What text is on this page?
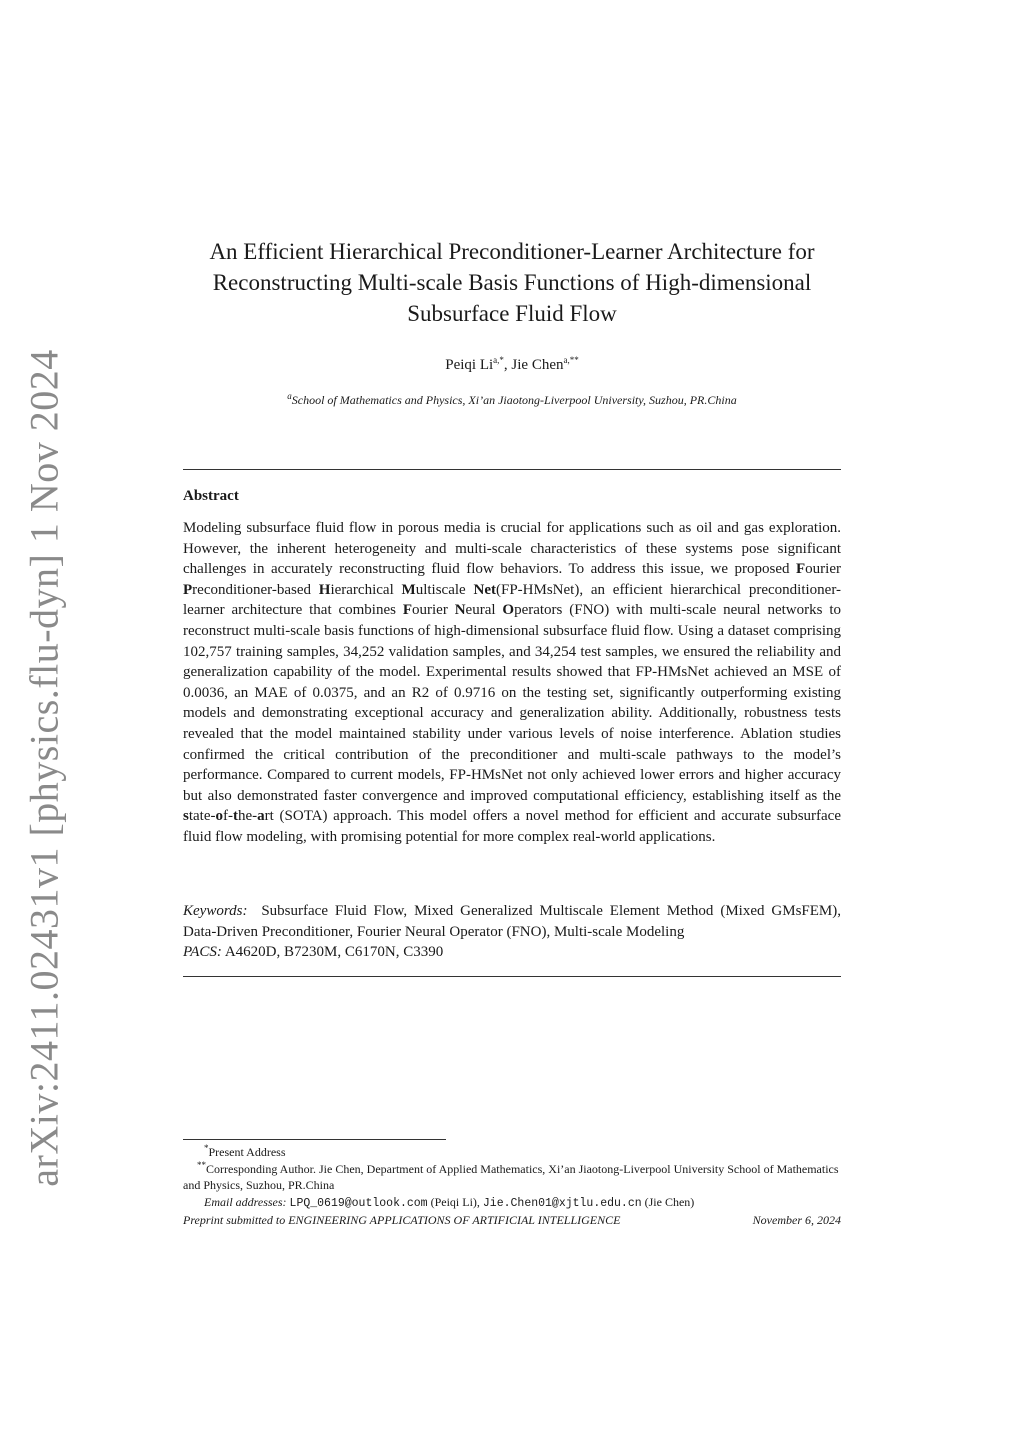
arXiv:2411.02431v1 [physics.flu-dyn] 1 Nov 2024
An Efficient Hierarchical Preconditioner-Learner Architecture for
Reconstructing Multi-scale Basis Functions of High-dimensional
Subsurface Fluid Flow
Peiqi $Li^{a,*}$, Jie Chen$^{a,**}$
$^a$School of Mathematics and Physics, Xi’an Jiaotong-Liverpool University, Suzhou, PR.China
Abstract
Modeling subsurface fluid flow in porous media is crucial for applications such as oil and gas exploration. However, the inherent heterogeneity and multi-scale characteristics of these systems pose significant challenges in accurately reconstructing fluid flow behaviors. To address this issue, we proposed Fourier Preconditioner-based Hierarchical Multiscale Net(FP-HMsNet), an efficient hierarchical preconditioner-learner architecture that combines Fourier Neural Operators (FNO) with multi-scale neural networks to reconstruct multi-scale basis functions of high-dimensional subsurface fluid flow. Using a dataset comprising 102,757 training samples, 34,252 validation samples, and 34,254 test samples, we ensured the reliability and generalization capability of the model. Experimental results showed that FP-HMsNet achieved an MSE of 0.0036, an MAE of 0.0375, and an R2 of 0.9716 on the testing set, significantly outperforming existing models and demonstrating exceptional accuracy and generalization ability. Additionally, robustness tests revealed that the model maintained stability under various levels of noise interference. Ablation studies confirmed the critical contribution of the preconditioner and multi-scale pathways to the model’s performance. Compared to current models, FP-HMsNet not only achieved lower errors and higher accuracy but also demonstrated faster convergence and improved computational efficiency, establishing itself as the state-of-the-art (SOTA) approach. This model offers a novel method for efficient and accurate subsurface fluid flow modeling, with promising potential for more complex real-world applications.
Keywords: Subsurface Fluid Flow, Mixed Generalized Multiscale Element Method (Mixed GMsFEM), Data-Driven Preconditioner, Fourier Neural Operator (FNO), Multi-scale Modeling
PACS: A4620D, B7230M, C6170N, C3390

*Present Address

**Corresponding Author. Jie Chen, Department of Applied Mathematics, Xi’an Jiaotong-Liverpool University School of Mathematics and Physics, Suzhou, PR.China

Email addresses: LPQ_0619@outlook.com (Peiqi Li), Jie.Chen01@xjtlu.edu.cn (Jie Chen)

Preprint submitted to ENGINEERING APPLICATIONS OF ARTIFICIAL INTELLIGENCE	November 6, 2024
